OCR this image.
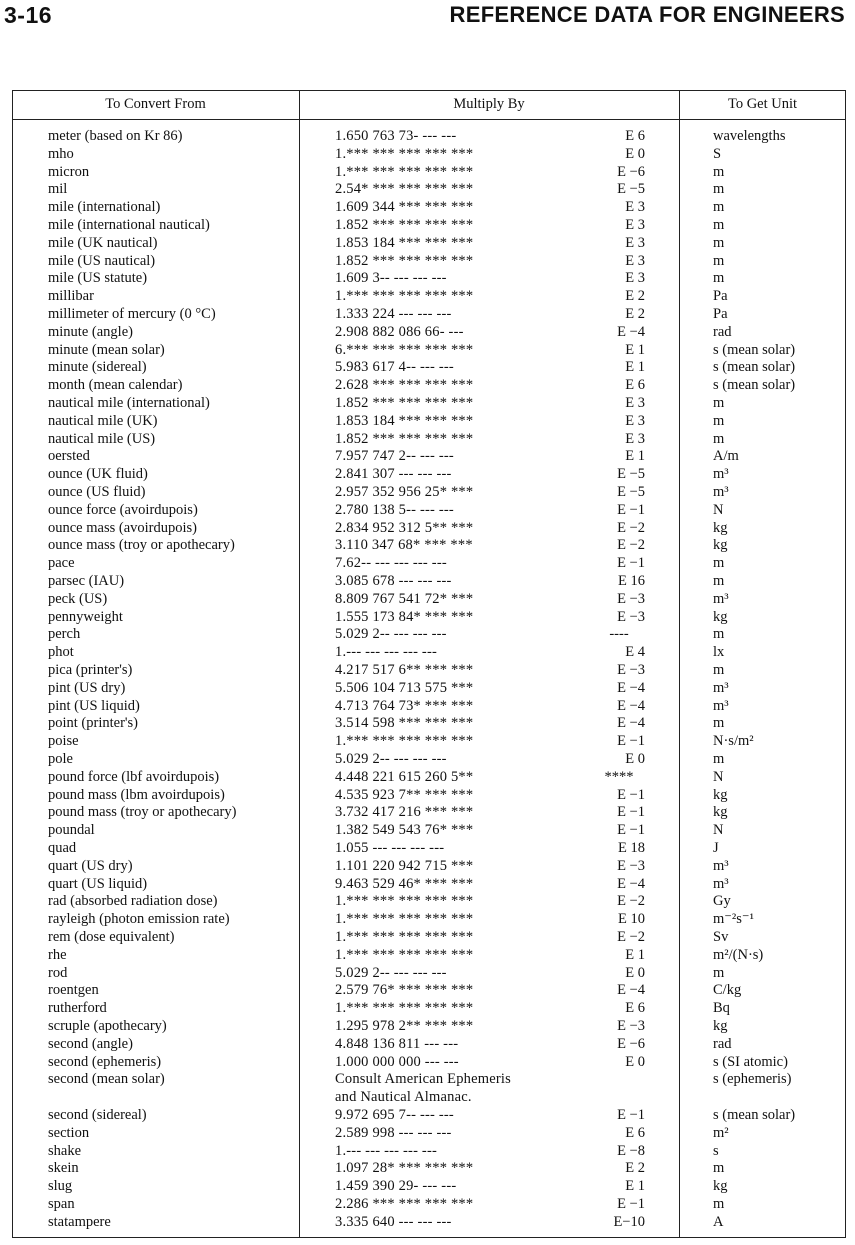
3-16	REFERENCE DATA FOR ENGINEERS
To Convert From	Multiply By	To Get Unit
meter (based on Kr 86)	1.650 763 73- --- ---	E 6	wavelengths
mho	1.*** *** *** *** ***	E 0	S
micron	1.*** *** *** *** ***	E −6	m
mil	2.54* *** *** *** ***	E −5	m
mile (international)	1.609 344 *** *** ***	E 3	m
mile (international nautical)	1.852 *** *** *** ***	E 3	m
mile (UK nautical)	1.853 184 *** *** ***	E 3	m
mile (US nautical)	1.852 *** *** *** ***	E 3	m
mile (US statute)	1.609 3-- --- --- ---	E 3	m
millibar	1.*** *** *** *** ***	E 2	Pa
millimeter of mercury (0 °C)	1.333 224 --- --- ---	E 2	Pa
minute (angle)	2.908 882 086 66- ---	E −4	rad
minute (mean solar)	6.*** *** *** *** ***	E 1	s (mean solar)
minute (sidereal)	5.983 617 4-- --- ---	E 1	s (mean solar)
month (mean calendar)	2.628 *** *** *** ***	E 6	s (mean solar)
nautical mile (international)	1.852 *** *** *** ***	E 3	m
nautical mile (UK)	1.853 184 *** *** ***	E 3	m
nautical mile (US)	1.852 *** *** *** ***	E 3	m
oersted	7.957 747 2-- --- ---	E 1	A/m
ounce (UK fluid)	2.841 307 --- --- ---	E −5	m³
ounce (US fluid)	2.957 352 956 25* ***	E −5	m³
ounce force (avoirdupois)	2.780 138 5-- --- ---	E −1	N
ounce mass (avoirdupois)	2.834 952 312 5** ***	E −2	kg
ounce mass (troy or apothecary)	3.110 347 68* *** ***	E −2	kg
pace	7.62-- --- --- --- ---	E −1	m
parsec (IAU)	3.085 678 --- --- ---	E 16	m
peck (US)	8.809 767 541 72* ***	E −3	m³
pennyweight	1.555 173 84* *** ***	E −3	kg
perch	5.029 2-- --- --- ---	----	m
phot	1.--- --- --- --- ---	E 4	lx
pica (printer's)	4.217 517 6** *** ***	E −3	m
pint (US dry)	5.506 104 713 575 ***	E −4	m³
pint (US liquid)	4.713 764 73* *** ***	E −4	m³
point (printer's)	3.514 598 *** *** ***	E −4	m
poise	1.*** *** *** *** ***	E −1	N·s/m²
pole	5.029 2-- --- --- ---	E 0	m
pound force (lbf avoirdupois)	4.448 221 615 260 5**	****	N
pound mass (lbm avoirdupois)	4.535 923 7** *** ***	E −1	kg
pound mass (troy or apothecary)	3.732 417 216 *** ***	E −1	kg
poundal	1.382 549 543 76* ***	E −1	N
quad	1.055 --- --- --- ---	E 18	J
quart (US dry)	1.101 220 942 715 ***	E −3	m³
quart (US liquid)	9.463 529 46* *** ***	E −4	m³
rad (absorbed radiation dose)	1.*** *** *** *** ***	E −2	Gy
rayleigh (photon emission rate)	1.*** *** *** *** ***	E 10	m⁻²s⁻¹
rem (dose equivalent)	1.*** *** *** *** ***	E −2	Sv
rhe	1.*** *** *** *** ***	E 1	m²/(N·s)
rod	5.029 2-- --- --- ---	E 0	m
roentgen	2.579 76* *** *** ***	E −4	C/kg
rutherford	1.*** *** *** *** ***	E 6	Bq
scruple (apothecary)	1.295 978 2** *** ***	E −3	kg
second (angle)	4.848 136 811 --- ---	E −6	rad
second (ephemeris)	1.000 000 000 --- ---	E 0	s (SI atomic)
second (mean solar)	Consult American Ephemeris	s (ephemeris)
and Nautical Almanac.
second (sidereal)	9.972 695 7-- --- ---	E −1	s (mean solar)
section	2.589 998 --- --- ---	E 6	m²
shake	1.--- --- --- --- ---	E −8	s
skein	1.097 28* *** *** ***	E 2	m
slug	1.459 390 29- --- ---	E 1	kg
span	2.286 *** *** *** ***	E −1	m
statampere	3.335 640 --- --- ---	E−10	A
